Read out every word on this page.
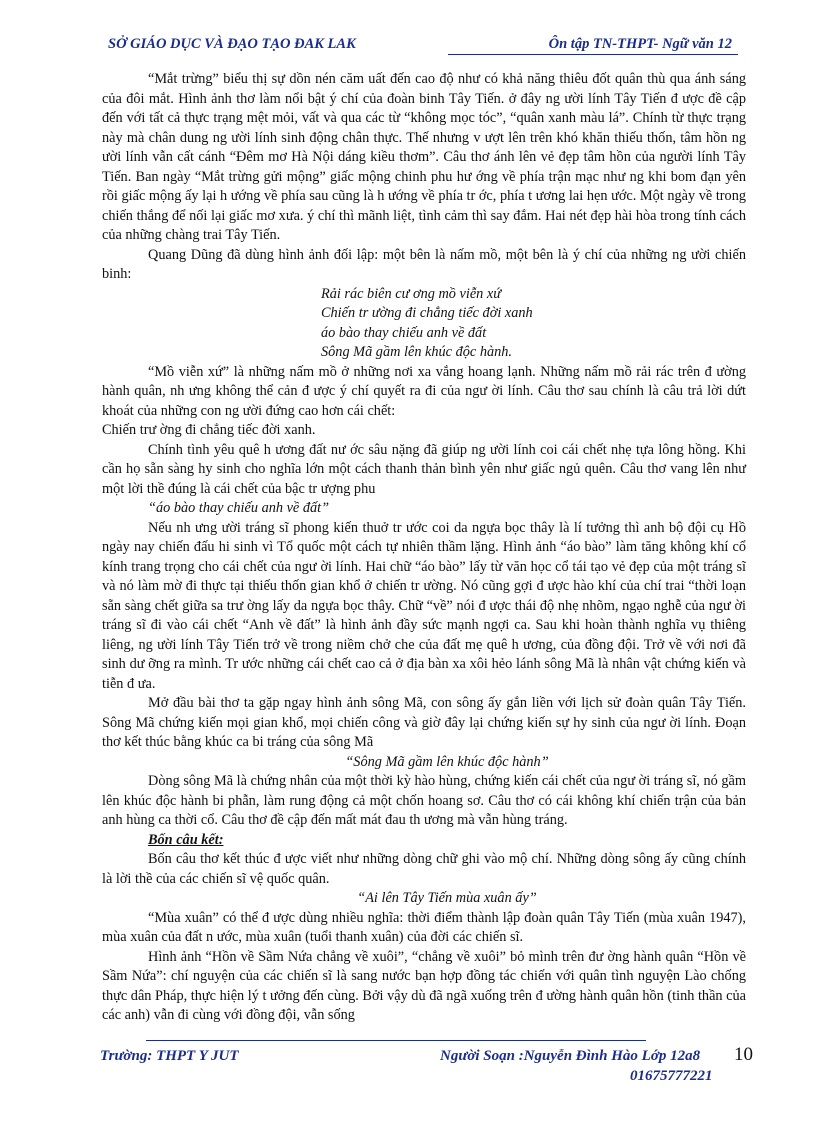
SỞ GIÁO DỤC VÀ ĐẠO TẠO ĐAK LAK	Ôn tập TN-THPT- Ngữ văn 12

“Mắt trừng” biểu thị sự dồn nén căm uất đến cao độ như có khả năng thiêu đốt quân thù qua ánh sáng của đôi mắt. Hình ảnh thơ làm nổi bật ý chí của đoàn binh Tây Tiến. ở đây ng ười lính Tây Tiến đ ược đề cập đến với tất cả thực trạng mệt mỏi, vất và qua các từ “không mọc tóc”, “quân xanh màu lá”. Chính từ thực trạng này mà chân dung ng ười lính sinh động chân thực. Thế nhưng v ượt lên trên khó khăn thiếu thốn, tâm hồn ng ười lính vẫn cất cánh “Đêm mơ Hà Nội dáng kiều thơm”. Câu thơ ánh lên vẻ đẹp tâm hồn của người lính Tây Tiến. Ban ngày “Mắt trừng gửi mộng” giấc mộng chinh phu hư ớng về phía trận mạc như ng khi bom đạn yên rồi giấc mộng ấy lại h ướng về phía sau cũng là h ướng về phía tr ớc, phía t ương lai hẹn ước. Một ngày về trong chiến thắng để nối lại giấc mơ xưa. ý chí thì mãnh liệt, tình cảm thì say đắm. Hai nét đẹp hài hòa trong tính cách của những chàng trai Tây Tiến.

Quang Dũng đã dùng hình ảnh đối lập: một bên là nấm mồ, một bên là ý chí của những ng ười chiến binh:

Rải rác biên cư ơng mồ viễn xứ
Chiến tr ường đi chẳng tiếc đời xanh
áo bào thay chiếu anh về đất
Sông Mã gầm lên khúc độc hành.

“Mồ viễn xứ” là những nấm mồ ở những nơi xa vắng hoang lạnh. Những nấm mồ rải rác trên đ ường hành quân, nh ưng không thể cản đ ược ý chí quyết ra đi của ngư ời lính. Câu thơ sau chính là câu trả lời dứt khoát của những con ng ười đứng cao hơn cái chết:

Chiến trư ờng đi chẳng tiếc đời xanh.

Chính tình yêu quê h ương đất nư ớc sâu nặng đã giúp ng ười lính coi cái chết nhẹ tựa lông hồng. Khi cần họ sẵn sàng hy sinh cho nghĩa lớn một cách thanh thản bình yên như giấc ngủ quên. Câu thơ vang lên như một lời thề đúng là cái chết của bậc tr ượng phu

“áo bào thay chiếu anh về đất”

Nếu nh ưng ười tráng sĩ phong kiến thuở tr ước coi da ngựa bọc thây là lí tưởng thì anh bộ đội cụ Hồ ngày nay chiến đấu hi sinh vì Tổ quốc một cách tự nhiên thầm lặng. Hình ảnh “áo bào” làm tăng không khí cổ kính trang trọng cho cái chết của ngư ời lính. Hai chữ “áo bào” lấy từ văn học cổ tái tạo vẻ đẹp của một tráng sĩ và nó làm mờ đi thực tại thiếu thốn gian khổ ở chiến tr ường. Nó cũng gợi đ ược hào khí của chí trai “thời loạn sẵn sàng chết giữa sa trư ờng lấy da ngựa bọc thây. Chữ “về” nói đ ược thái độ nhẹ nhõm, ngạo nghễ của ngư ời tráng sĩ đi vào cái chết “Anh về đất” là hình ảnh đầy sức mạnh ngợi ca. Sau khi hoàn thành nghĩa vụ thiêng liêng, ng ười lính Tây Tiến trở về trong niềm chở che của đất mẹ quê h ương, của đồng đội. Trở về với nơi đã sinh dư ỡng ra mình. Tr ước những cái chết cao cả ở địa bàn xa xôi hẻo lánh sông Mã là nhân vật chứng kiến và tiễn đ ưa.

Mở đầu bài thơ ta gặp ngay hình ảnh sông Mã, con sông ấy gắn liền với lịch sử đoàn quân Tây Tiến. Sông Mã chứng kiến mọi gian khổ, mọi chiến công và giờ đây lại chứng kiến sự hy sinh của ngư ời lính. Đoạn thơ kết thúc bằng khúc ca bi tráng của sông Mã

“Sông Mã gầm lên khúc độc hành”

Dòng sông Mã là chứng nhân của một thời kỳ hào hùng, chứng kiến cái chết của ngư ời tráng sĩ, nó gầm lên khúc độc hành bi phẫn, làm rung động cả một chốn hoang sơ. Câu thơ có cái không khí chiến trận của bản anh hùng ca thời cổ. Câu thơ đề cập đến mất mát đau th ương mà vẫn hùng tráng.

Bốn câu kết:

Bốn câu thơ kết thúc đ ược viết như những dòng chữ ghi vào mộ chí. Những dòng sông ấy cũng chính là lời thề của các chiến sĩ vệ quốc quân.

“Ai lên Tây Tiến mùa xuân ấy”

“Mùa xuân” có thể đ ược dùng nhiều nghĩa: thời điểm thành lập đoàn quân Tây Tiến (mùa xuân 1947), mùa xuân của đất n ước, mùa xuân (tuổi thanh xuân) của đời các chiến sĩ.

Hình ảnh “Hồn về Sầm Nứa chẳng về xuôi”, “chẳng về xuôi” bỏ mình trên đư ờng hành quân “Hồn về Sầm Nứa”: chí nguyện của các chiến sĩ là sang nước bạn hợp đồng tác chiến với quân tình nguyện Lào chống thực dân Pháp, thực hiện lý t ưởng đến cùng. Bởi vậy dù đã ngã xuống trên đ ường hành quân hồn (tinh thần của các anh) vẫn đi cùng với đồng đội, vẫn sống

Trường: THPT Y JUT	Người Soạn :Nguyễn Đình Hào Lớp 12a8 10
01675777221
